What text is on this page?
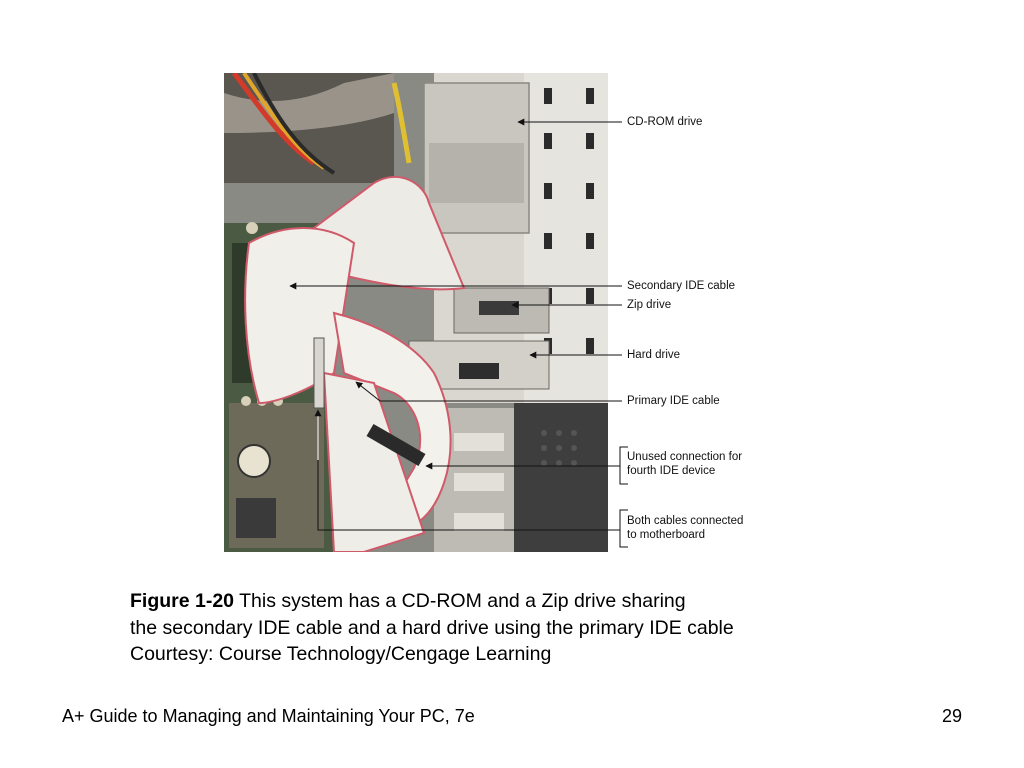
CD-ROM drive
Secondary IDE cable
Zip drive
Hard drive
Primary IDE cable
Unused connection for
fourth IDE device
Both cables connected
to motherboard
Figure 1-20 This system has a CD-ROM and a Zip drive sharing
the secondary IDE cable and a hard drive using the primary IDE cable
Courtesy: Course Technology/Cengage Learning
A+ Guide to Managing and Maintaining Your PC, 7e	29
